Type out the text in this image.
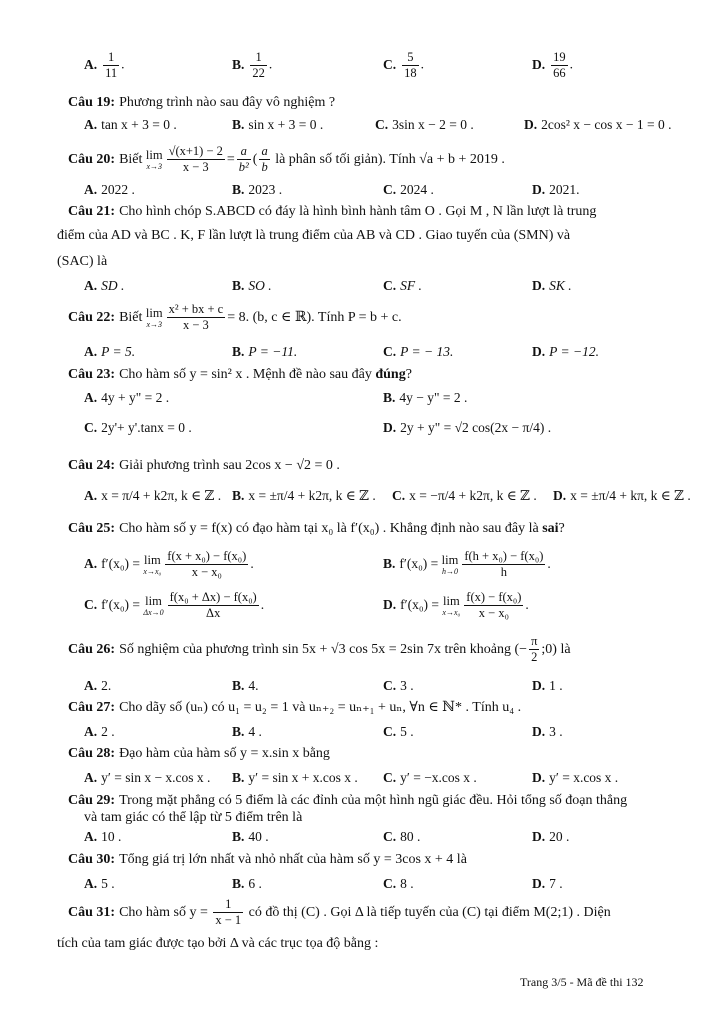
A. $\frac{1}{11}$ .	B. $\frac{1}{22}$ .	C. $\frac{5}{18}$ .	D. $\frac{19}{66}$ .
Câu 19: Phương trình nào sau đây vô nghiệm ?
A. tan x + 3 = 0 .	B. sin x + 3 = 0 .	C. 3sin x − 2 = 0 .	D. 2cos² x − cos x − 1 = 0 .
Câu 20: Biết lim
$x\to 3 \frac{√(x+1) - 2}{x - 3} = \frac{a}{\text{b²}}$ ( $\frac{a}{b}$ là phân số tối giản). Tính √a + b + 2019 .
A. 2022 .	B. 2023 .	C. 2024 .	D. 2021.
Câu 21: Cho hình chóp S.ABCD có đáy là hình bình hành tâm O . Gọi M , N lần lượt là trung
điểm của AD và BC . K, F lần lượt là trung điểm của AB và CD . Giao tuyến của (SMN) và
(SAC) là
A. SD .	B. SO .	C. SF .	D. SK .
Câu 22: Biết lim
$x\to 3 \frac{\text{x² + bx + c}}{x - 3} = 8$. (b, c ∈ ℝ). Tính P = b + c.
A. P = 5.	B. P = −11.	C. P = − 13.	D. P = −12.
Câu 23: Cho hàm số y = sin² x . Mệnh đề nào sau đây đúng?
A. 4y + y" = 2 .	B. 4y − y" = 2 .
C. 2y'+ y'.tanx = 0 .	D. 2y + y" = √2 cos(2x − π/4) .
Câu 24: Giải phương trình sau 2cos x − √2 = 0 .
A. x = π/4 + k2π, k ∈ ℤ . B. x = ±π/4 + k2π, k ∈ ℤ . C. x = −π/4 + k2π, k ∈ ℤ . D. x = ±π/4 + kπ, k ∈ ℤ .
Câu 25: Cho hàm số y = f(x) có đạo hàm tại x₀ là f′(x₀) . Khẳng định nào sau đây là sai?
A. f′(x₀) = lim
$x\to x_0 \frac{\text{f(x + x₀) − f(x₀)}}{\text{x − x₀}}$ .	B. f′(x₀) = lim
$h\to 0 \frac{\text{f(h + x₀) − f(x₀)}}{h}$ .
C. f′(x₀) = lim
$\Delta x\to 0 \frac{\text{f(x₀ + Δx) − f(x₀)}}{\Delta x}$ .	D. f′(x₀) = lim
$x\to x_0 \frac{\text{f(x) − f(x₀)}}{\text{x − x₀}}$ .
Câu 26: Số nghiệm của phương trình sin 5x + √3 cos 5x = 2sin 7x trên khoảng (− $\frac{\pi}{2}$ ;0) là
A. 2.	B. 4.	C. 3 .	D. 1 .
Câu 27: Cho dãy số (uₙ) có u₁ = u₂ = 1 và uₙ₊₂ = uₙ₊₁ + uₙ, ∀n ∈ ℕ* . Tính u₄ .
A. 2 .	B. 4 .	C. 5 .	D. 3 .
Câu 28: Đạo hàm của hàm số y = x.sin x bằng
A. y′ = sin x − x.cos x . B. y′ = sin x + x.cos x . C. y′ = −x.cos x .	D. y′ = x.cos x .
Câu 29: Trong mặt phẳng có 5 điểm là các đỉnh của một hình ngũ giác đều. Hỏi tổng số đoạn thẳng
và tam giác có thể lập từ 5 điểm trên là
A. 10 .	B. 40 .	C. 80 .	D. 20 .
Câu 30: Tổng giá trị lớn nhất và nhỏ nhất của hàm số y = 3cos x + 4 là
A. 5 .	B. 6 .	C. 8 .	D. 7 .
Câu 31: Cho hàm số $y = \frac{1}{x - 1}$ có đồ thị (C) . Gọi Δ là tiếp tuyến của (C) tại điểm M(2;1) . Diện
tích của tam giác được tạo bởi Δ và các trục tọa độ bằng :
Trang 3/5 - Mã đề thi 132
